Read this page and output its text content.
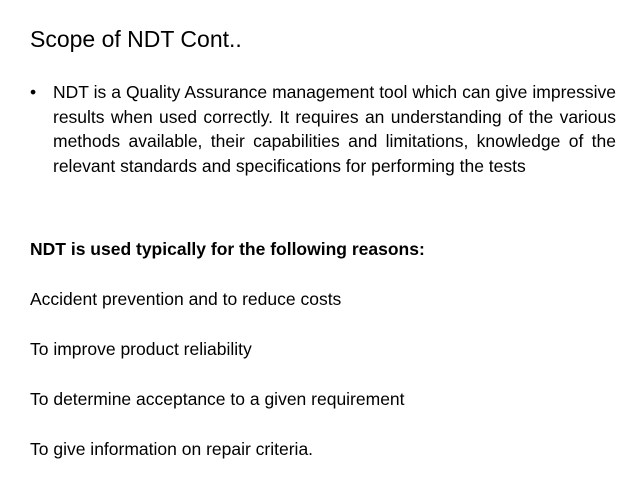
Scope of NDT Cont..
• NDT is a Quality Assurance management tool which can give impressive results when used correctly. It requires an understanding of the various methods available, their capabilities and limitations, knowledge of the relevant standards and specifications for performing the tests
NDT is used typically for the following reasons:
Accident prevention and to reduce costs
To improve product reliability
To determine acceptance to a given requirement
To give information on repair criteria.
